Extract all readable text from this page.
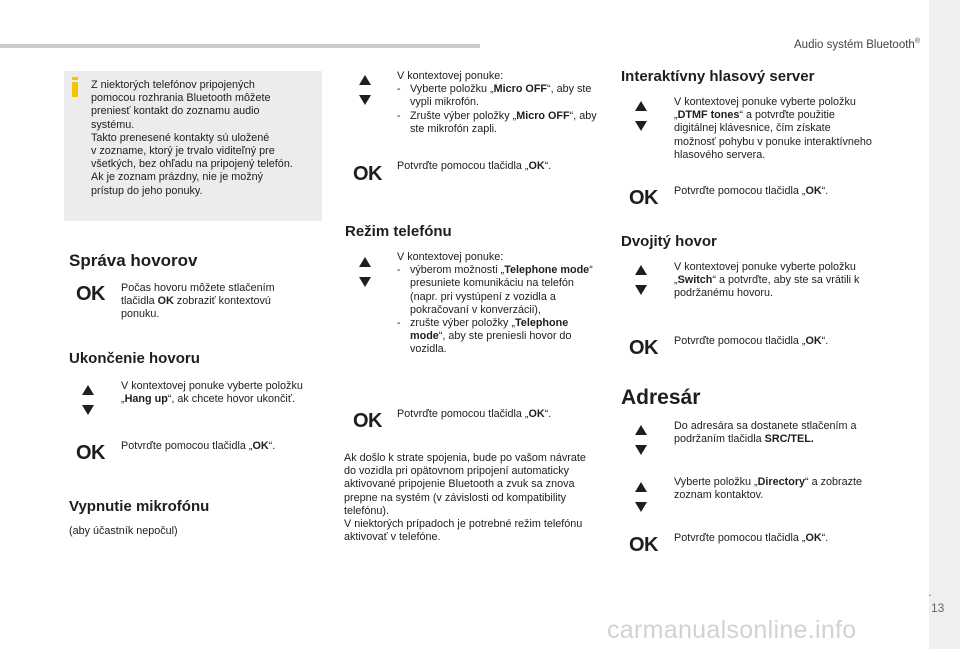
Audio systém Bluetooth®
.
13
carmanualsonline.info
Z niektorých telefónov pripojených
pomocou rozhrania Bluetooth môžete
preniesť kontakt do zoznamu audio
systému.
Takto prenesené kontakty sú uložené
v zozname, ktorý je trvalo viditeľný pre
všetkých, bez ohľadu na pripojený telefón.
Ak je zoznam prázdny, nie je možný
prístup do jeho ponuky.
Správa hovorov
OK Počas hovoru môžete stlačením tlačidla OK zobraziť kontextovú ponuku.
Ukončenie hovoru
V kontextovej ponuke vyberte položku „Hang up“, ak chcete hovor ukončiť.
OK Potvrďte pomocou tlačidla „OK“.
Vypnutie mikrofónu
(aby účastník nepočul)
V kontextovej ponuke:
- Vyberte položku „Micro OFF“, aby ste vypli mikrofón.
- Zrušte výber položky „Micro OFF“, aby ste mikrofón zapli.
OK Potvrďte pomocou tlačidla „OK“.
Režim telefónu
V kontextovej ponuke:
- výberom možnosti „Telephone mode“ presuniete komunikáciu na telefón (napr. pri vystúpení z vozidla a pokračovaní v konverzácii),
- zrušte výber položky „Telephone mode“, aby ste preniesli hovor do vozidla.
OK Potvrďte pomocou tlačidla „OK“.
Ak došlo k strate spojenia, bude po vašom návrate do vozidla pri opätovnom pripojení automaticky aktivované pripojenie Bluetooth a zvuk sa znova prepne na systém (v závislosti od kompatibility telefónu).
V niektorých prípadoch je potrebné režim telefónu aktivovať v telefóne.
Interaktívny hlasový server
V kontextovej ponuke vyberte položku „DTMF tones“ a potvrďte použitie digitálnej klávesnice, čím získate možnosť pohybu v ponuke interaktívneho hlasového servera.
OK Potvrďte pomocou tlačidla „OK“.
Dvojitý hovor
V kontextovej ponuke vyberte položku „Switch“ a potvrďte, aby ste sa vrátili k podržanému hovoru.
OK Potvrďte pomocou tlačidla „OK“.
Adresár
Do adresára sa dostanete stlačením a podržaním tlačidla SRC/TEL.
Vyberte položku „Directory“ a zobrazte zoznam kontaktov.
OK Potvrďte pomocou tlačidla „OK“.
